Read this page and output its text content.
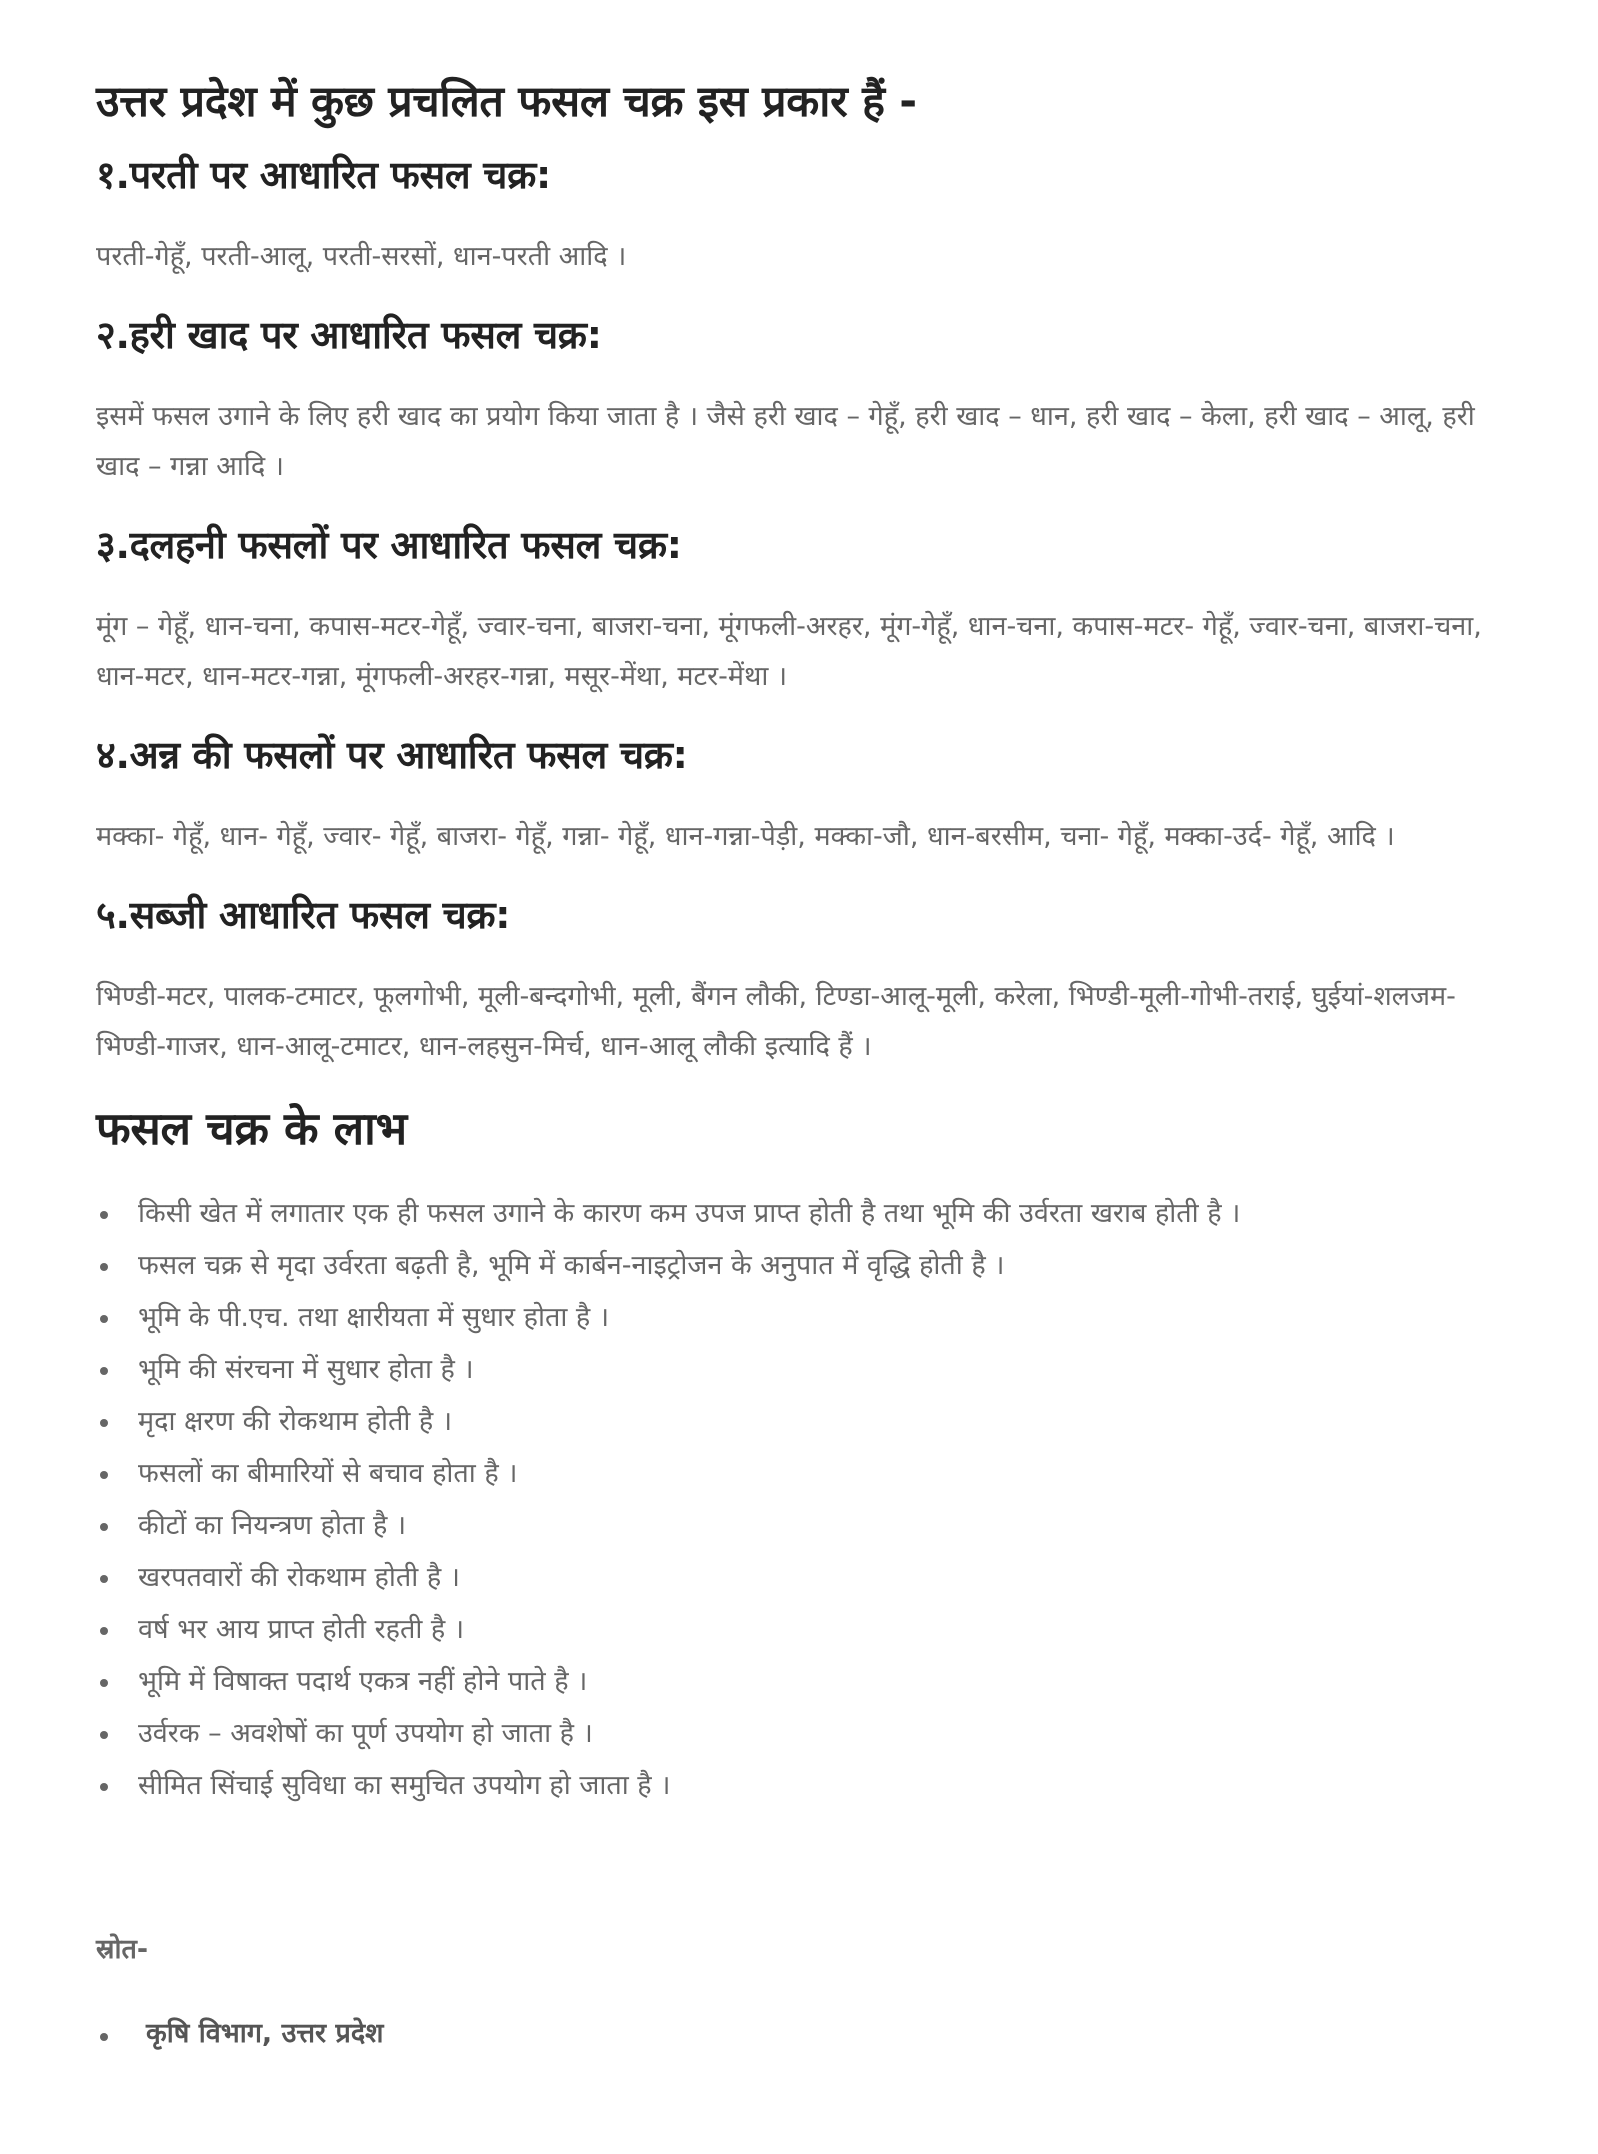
उत्तर प्रदेश में कुछ प्रचलित फसल चक्र इस प्रकार हैं -
१.परती पर आधारित फसल चक्र:

परती-गेहूँ, परती-आलू, परती-सरसों, धान-परती आदि ।

२.हरी खाद पर आधारित फसल चक्र:

इसमें फसल उगाने के लिए हरी खाद का प्रयोग किया जाता है । जैसे हरी खाद – गेहूँ, हरी खाद – धान, हरी खाद – केला, हरी खाद – आलू, हरी खाद – गन्ना आदि ।

३.दलहनी फसलों पर आधारित फसल चक्र:

मूंग – गेहूँ, धान-चना, कपास-मटर-गेहूँ, ज्वार-चना, बाजरा-चना, मूंगफली-अरहर, मूंग-गेहूँ, धान-चना, कपास-मटर- गेहूँ, ज्वार-चना, बाजरा-चना, धान-मटर, धान-मटर-गन्ना, मूंगफली-अरहर-गन्ना, मसूर-मेंथा, मटर-मेंथा ।

४.अन्न की फसलों पर आधारित फसल चक्र:

मक्का- गेहूँ, धान- गेहूँ, ज्वार- गेहूँ, बाजरा- गेहूँ, गन्ना- गेहूँ, धान-गन्ना-पेड़ी, मक्का-जौ, धान-बरसीम, चना- गेहूँ, मक्का-उर्द- गेहूँ, आदि ।

५.सब्जी आधारित फसल चक्र:

भिण्डी-मटर, पालक-टमाटर, फूलगोभी, मूली-बन्दगोभी, मूली, बैंगन लौकी, टिण्डा-आलू-मूली, करेला, भिण्डी-मूली-गोभी-तराई, घुईयां-शलजम-भिण्डी-गाजर, धान-आलू-टमाटर, धान-लहसुन-मिर्च, धान-आलू लौकी इत्यादि हैं ।

फसल चक्र के लाभ
किसी खेत में लगातार एक ही फसल उगाने के कारण कम उपज प्राप्त होती है तथा भूमि की उर्वरता खराब होती है ।
फसल चक्र से मृदा उर्वरता बढ़ती है, भूमि में कार्बन-नाइट्रोजन के अनुपात में वृद्धि होती है ।
भूमि के पी.एच. तथा क्षारीयता में सुधार होता है ।
भूमि की संरचना में सुधार होता है ।
मृदा क्षरण की रोकथाम होती है ।
फसलों का बीमारियों से बचाव होता है ।
कीटों का नियन्त्रण होता है ।
खरपतवारों की रोकथाम होती है ।
वर्ष भर आय प्राप्त होती रहती है ।
भूमि में विषाक्त पदार्थ एकत्र नहीं होने पाते है ।
उर्वरक – अवशेषों का पूर्ण उपयोग हो जाता है ।
सीमित सिंचाई सुविधा का समुचित उपयोग हो जाता है ।

स्रोत-

कृषि विभाग, उत्तर प्रदेश
